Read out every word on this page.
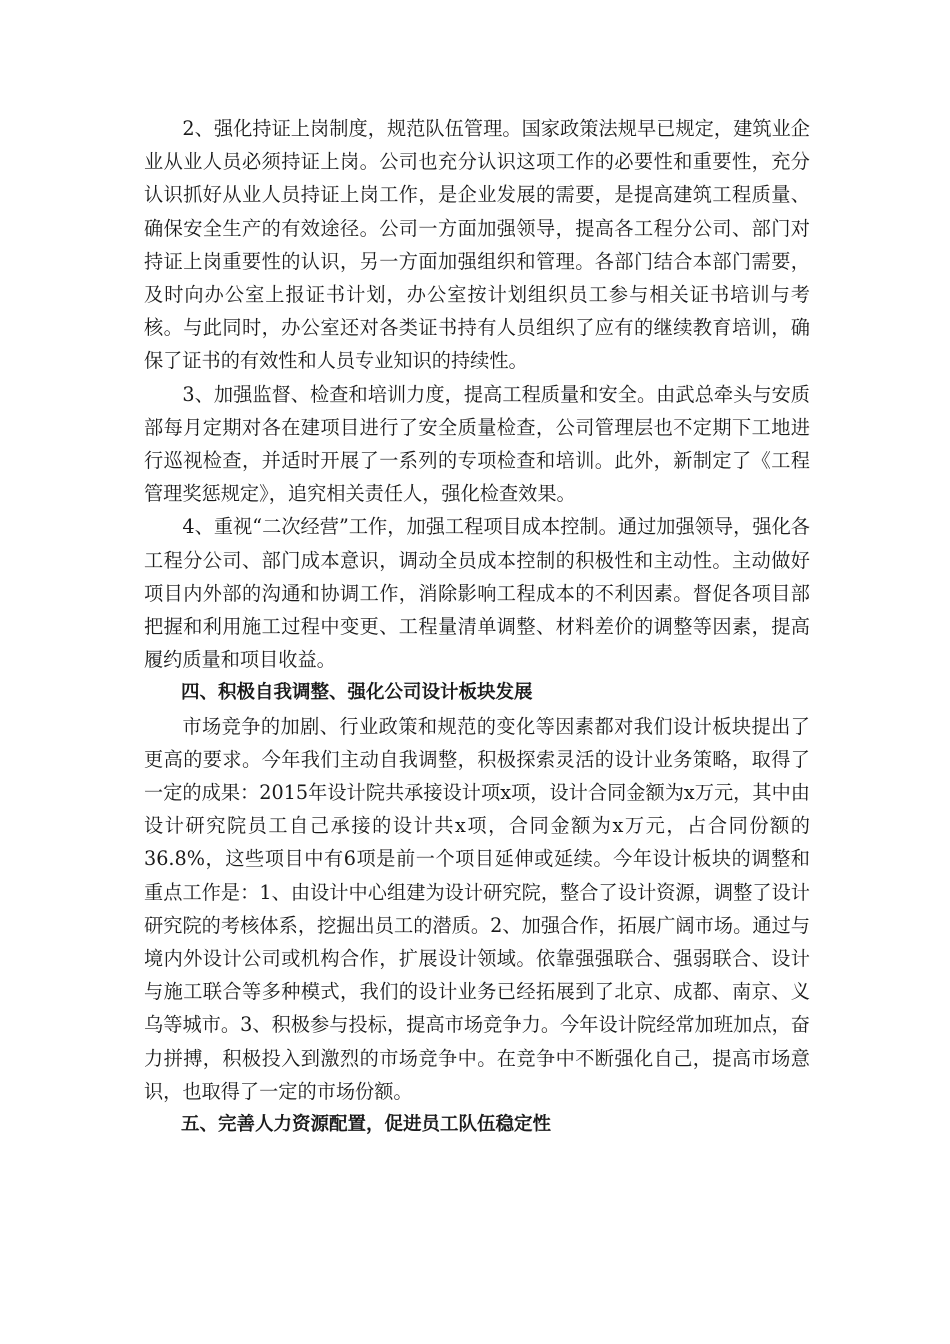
2、强化持证上岗制度，规范队伍管理。国家政策法规早已规定，建筑业企业从业人员必须持证上岗。公司也充分认识这项工作的必要性和重要性，充分认识抓好从业人员持证上岗工作，是企业发展的需要，是提高建筑工程质量、确保安全生产的有效途径。公司一方面加强领导，提高各工程分公司、部门对持证上岗重要性的认识，另一方面加强组织和管理。各部门结合本部门需要，及时向办公室上报证书计划，办公室按计划组织员工参与相关证书培训与考核。与此同时，办公室还对各类证书持有人员组织了应有的继续教育培训，确保了证书的有效性和人员专业知识的持续性。

3、加强监督、检查和培训力度，提高工程质量和安全。由武总牵头与安质部每月定期对各在建项目进行了安全质量检查，公司管理层也不定期下工地进行巡视检查，并适时开展了一系列的专项检查和培训。此外，新制定了《工程管理奖惩规定》，追究相关责任人，强化检查效果。

4、重视“二次经营”工作，加强工程项目成本控制。通过加强领导，强化各工程分公司、部门成本意识，调动全员成本控制的积极性和主动性。主动做好项目内外部的沟通和协调工作，消除影响工程成本的不利因素。督促各项目部把握和利用施工过程中变更、工程量清单调整、材料差价的调整等因素，提高履约质量和项目收益。

四、积极自我调整、强化公司设计板块发展

市场竞争的加剧、行业政策和规范的变化等因素都对我们设计板块提出了更高的要求。今年我们主动自我调整，积极探索灵活的设计业务策略，取得了一定的成果：2015年设计院共承接设计项x项，设计合同金额为x万元，其中由设计研究院员工自己承接的设计共x项，合同金额为x万元，占合同份额的36.8%，这些项目中有6项是前一个项目延伸或延续。今年设计板块的调整和重点工作是：1、由设计中心组建为设计研究院，整合了设计资源，调整了设计研究院的考核体系，挖掘出员工的潜质。2、加强合作，拓展广阔市场。通过与境内外设计公司或机构合作，扩展设计领域。依靠强强联合、强弱联合、设计与施工联合等多种模式，我们的设计业务已经拓展到了北京、成都、南京、义乌等城市。3、积极参与投标，提高市场竞争力。今年设计院经常加班加点，奋力拼搏，积极投入到激烈的市场竞争中。在竞争中不断强化自己，提高市场意识，也取得了一定的市场份额。

五、完善人力资源配置，促进员工队伍稳定性
